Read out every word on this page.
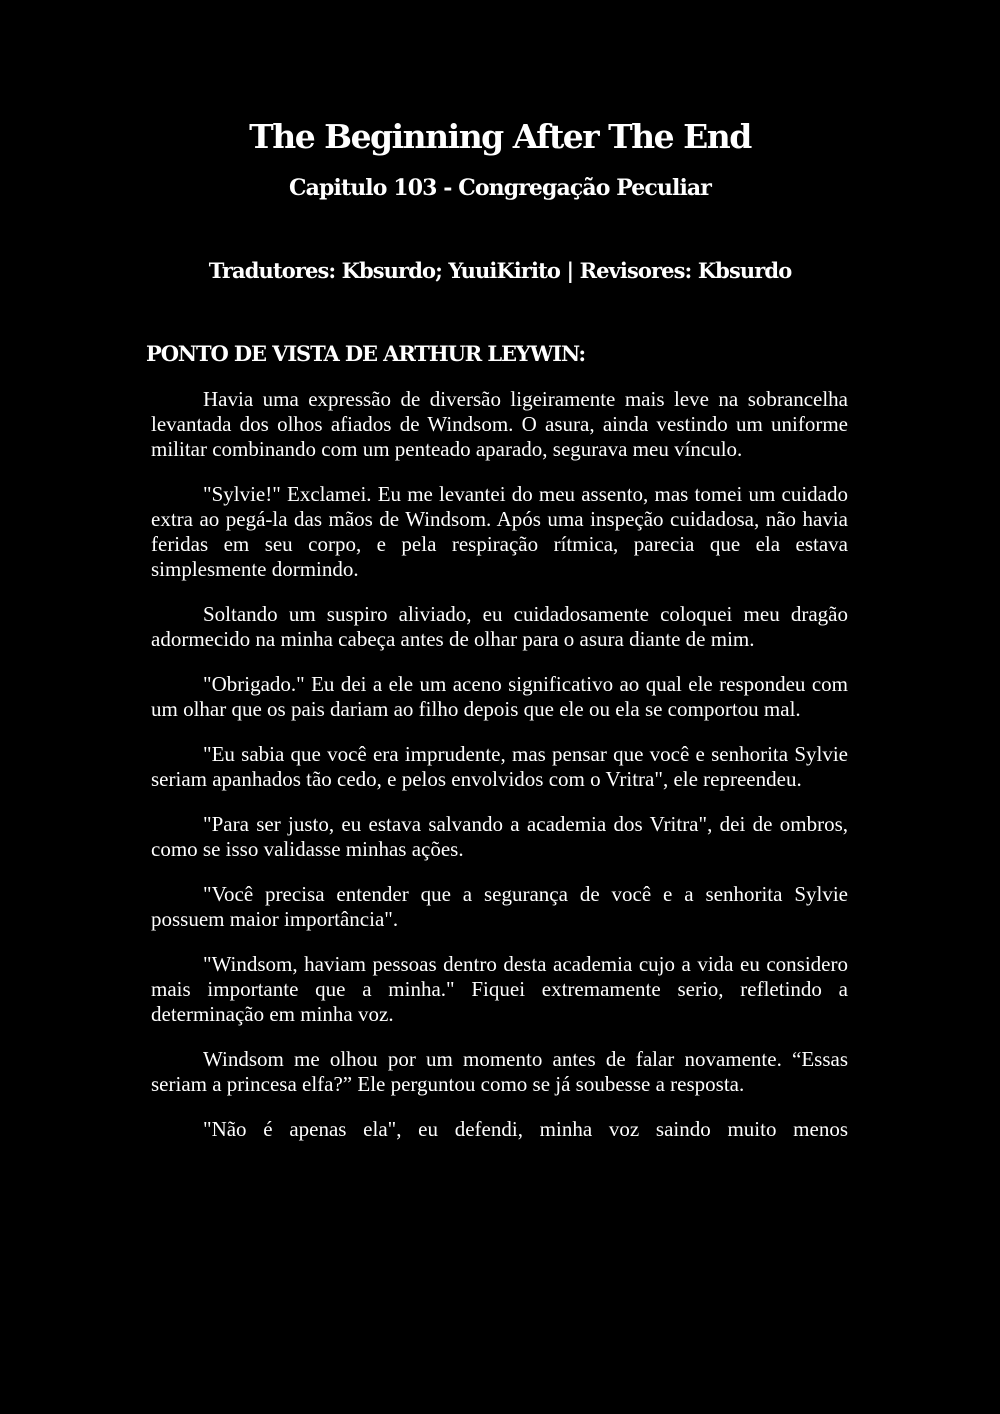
The Beginning After The End
Capitulo 103 - Congregação Peculiar
Tradutores: Kbsurdo; YuuiKirito | Revisores: Kbsurdo
PONTO DE VISTA DE ARTHUR LEYWIN:

Havia uma expressão de diversão ligeiramente mais leve na sobrancelha levantada dos olhos afiados de Windsom. O asura, ainda vestindo um uniforme militar combinando com um penteado aparado, segurava meu vínculo.

"Sylvie!" Exclamei. Eu me levantei do meu assento, mas tomei um cuidado extra ao pegá-la das mãos de Windsom. Após uma inspeção cuidadosa, não havia feridas em seu corpo, e pela respiração rítmica, parecia que ela estava simplesmente dormindo.

Soltando um suspiro aliviado, eu cuidadosamente coloquei meu dragão adormecido na minha cabeça antes de olhar para o asura diante de mim.

"Obrigado." Eu dei a ele um aceno significativo ao qual ele respondeu com um olhar que os pais dariam ao filho depois que ele ou ela se comportou mal.

"Eu sabia que você era imprudente, mas pensar que você e senhorita Sylvie seriam apanhados tão cedo, e pelos envolvidos com o Vritra", ele repreendeu.

"Para ser justo, eu estava salvando a academia dos Vritra", dei de ombros, como se isso validasse minhas ações.

"Você precisa entender que a segurança de você e a senhorita Sylvie possuem maior importância".

"Windsom, haviam pessoas dentro desta academia cujo a vida eu considero mais importante que a minha." Fiquei extremamente serio, refletindo a determinação em minha voz.

Windsom me olhou por um momento antes de falar novamente. “Essas seriam a princesa elfa?” Ele perguntou como se já soubesse a resposta.

"Não é apenas ela", eu defendi, minha voz saindo muito menos
